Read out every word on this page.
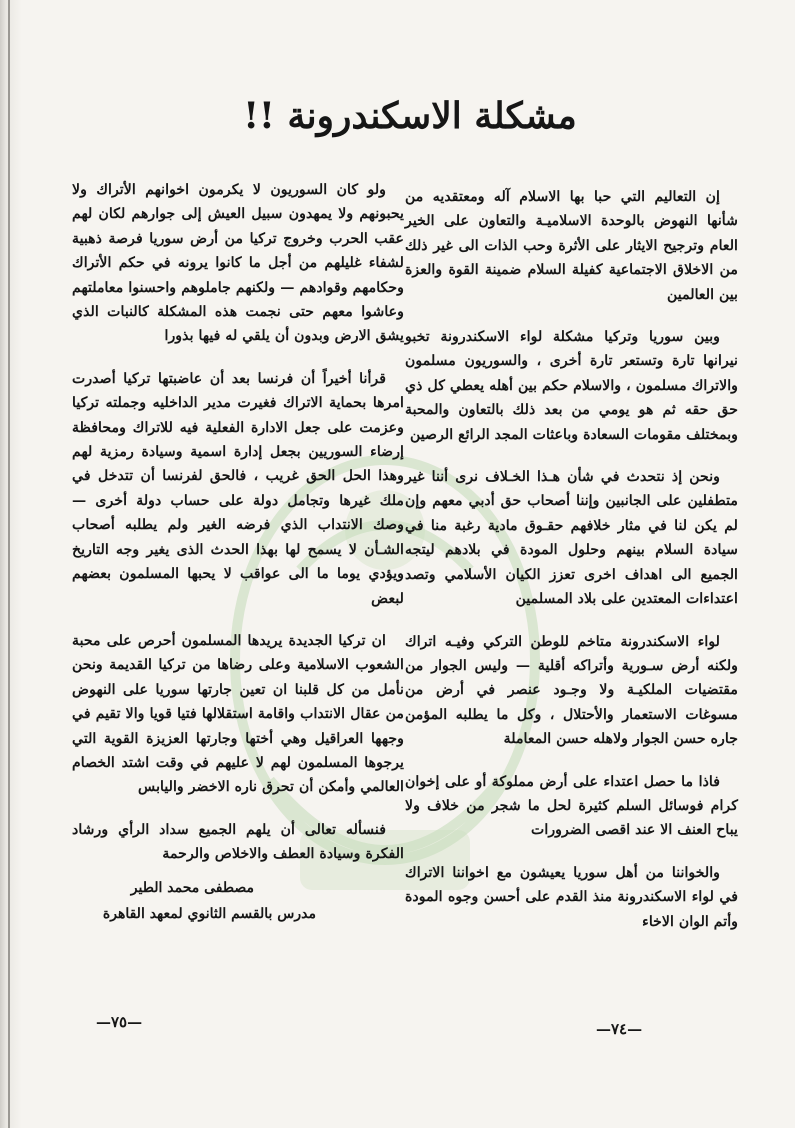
مشكلة الاسكندرونة !!

إن التعاليم التي حبا بها الاسلام آله ومعتقديه من شأنها النهوض بالوحدة الاسلاميـة والتعاون على الخير العام وترجيح الايثار على الأثرة وحب الذات الى غير ذلك من الاخلاق الاجتماعية كفيلة السلام ضمينة القوة والعزة بين العالمين

وبين سوريا وتركيا مشكلة لواء الاسكندرونة تخبو نيرانها تارة وتستعر تارة أخرى ، والسوريون مسلمون والاتراك مسلمون ، والاسلام حكم بين أهله يعطي كل ذي حق حقه ثم هو يومي من بعد ذلك بالتعاون والمحبة وبمختلف مقومات السعادة وباعثات المجد الرائع الرصين

ونحن إذ نتحدث في شأن هـذا الخـلاف نرى أننا غير متطفلين على الجانبين وإننا أصحاب حق أدبي معهم وإن لم يكن لنا في مثار خلافهم حقـوق مادية رغبة منا في سيادة السلام بينهم وحلول المودة في بلادهم ليتجه الجميع الى اهداف اخرى تعزز الكيان الأسلامي وتصد اعتداءات المعتدين على بلاد المسلمين

لواء الاسكندرونة متاخم للوطن التركي وفيـه اتراك ولكنه أرض سـورية وأتراكه أقلية — وليس الجوار من مقتضيات الملكيـة ولا وجـود عنصر في أرض من مسوغات الاستعمار والأحتلال ، وكل ما يطلبه المؤمن جاره حسن الجوار ولاهله حسن المعاملة

فاذا ما حصل اعتداء على أرض مملوكة أو على إخوان كرام فوسائل السلم كثيرة لحل ما شجر من خلاف ولا يباح العنف الا عند اقصى الضرورات

والخواننا من أهل سوريا يعيشون مع اخواننا الاتراك في لواء الاسكندرونة منذ القدم على أحسن وجوه المودة وأتم الوان الاخاء

ولو كان السوريون لا يكرمون اخوانهم الأتراك ولا يحبونهم ولا يمهدون سبيل العيش إلى جوارهم لكان لهم عقب الحرب وخروج تركيا من أرض سوريا فرصة ذهبية لشفاء غليلهم من أجل ما كانوا يرونه في حكم الأتراك وحكامهم وقوادهم — ولكنهم جاملوهم واحسنوا معاملتهم وعاشوا معهم حتى نجمت هذه المشكلة كالنبات الذي يشق الارض وبدون أن يلقي له فيها بذورا

قرأنا أخيراً أن فرنسا بعد أن عاضبتها تركيا أصدرت امرها بحماية الاتراك فغيرت مدير الداخليه وجملته تركيا وعزمت على جعل الادارة الفعلية فيه للاتراك ومحافظة إرضاء السوريين بجعل إدارة اسمية وسيادة رمزية لهم وهذا الحل الحق غريب ، فالحق لفرنسا أن تتدخل في ملك غيرها وتجامل دولة على حساب دولة أخرى — وصك الانتداب الذي فرضه الغير ولم يطلبه أصحاب الشـأن لا يسمح لها بهذا الحدث الذى يغير وجه التاريخ ويؤدي يوما ما الى عواقب لا يحبها المسلمون بعضهم لبعض

ان تركيا الجديدة يريدها المسلمون أحرص على محبة الشعوب الاسلامية وعلى رضاها من تركيا القديمة ونحن نأمل من كل قلبنا ان تعين جارتها سوريا على النهوض من عقال الانتداب واقامة استقلالها فتيا قويا والا تقيم في وجهها العراقيل وهي أختها وجارتها العزيزة القوية التي يرجوها المسلمون لهم لا عليهم في وقت اشتد الخصام العالمي وأمكن أن تحرق ناره الاخضر واليابس

فنسأله تعالى أن يلهم الجميع سداد الرأي ورشاد الفكرة وسيادة العطف والاخلاص والرحمة

مصطفى محمد الطير
مدرس بالقسم الثانوي لمعهد القاهرة
—٧٥—	—٧٤—
